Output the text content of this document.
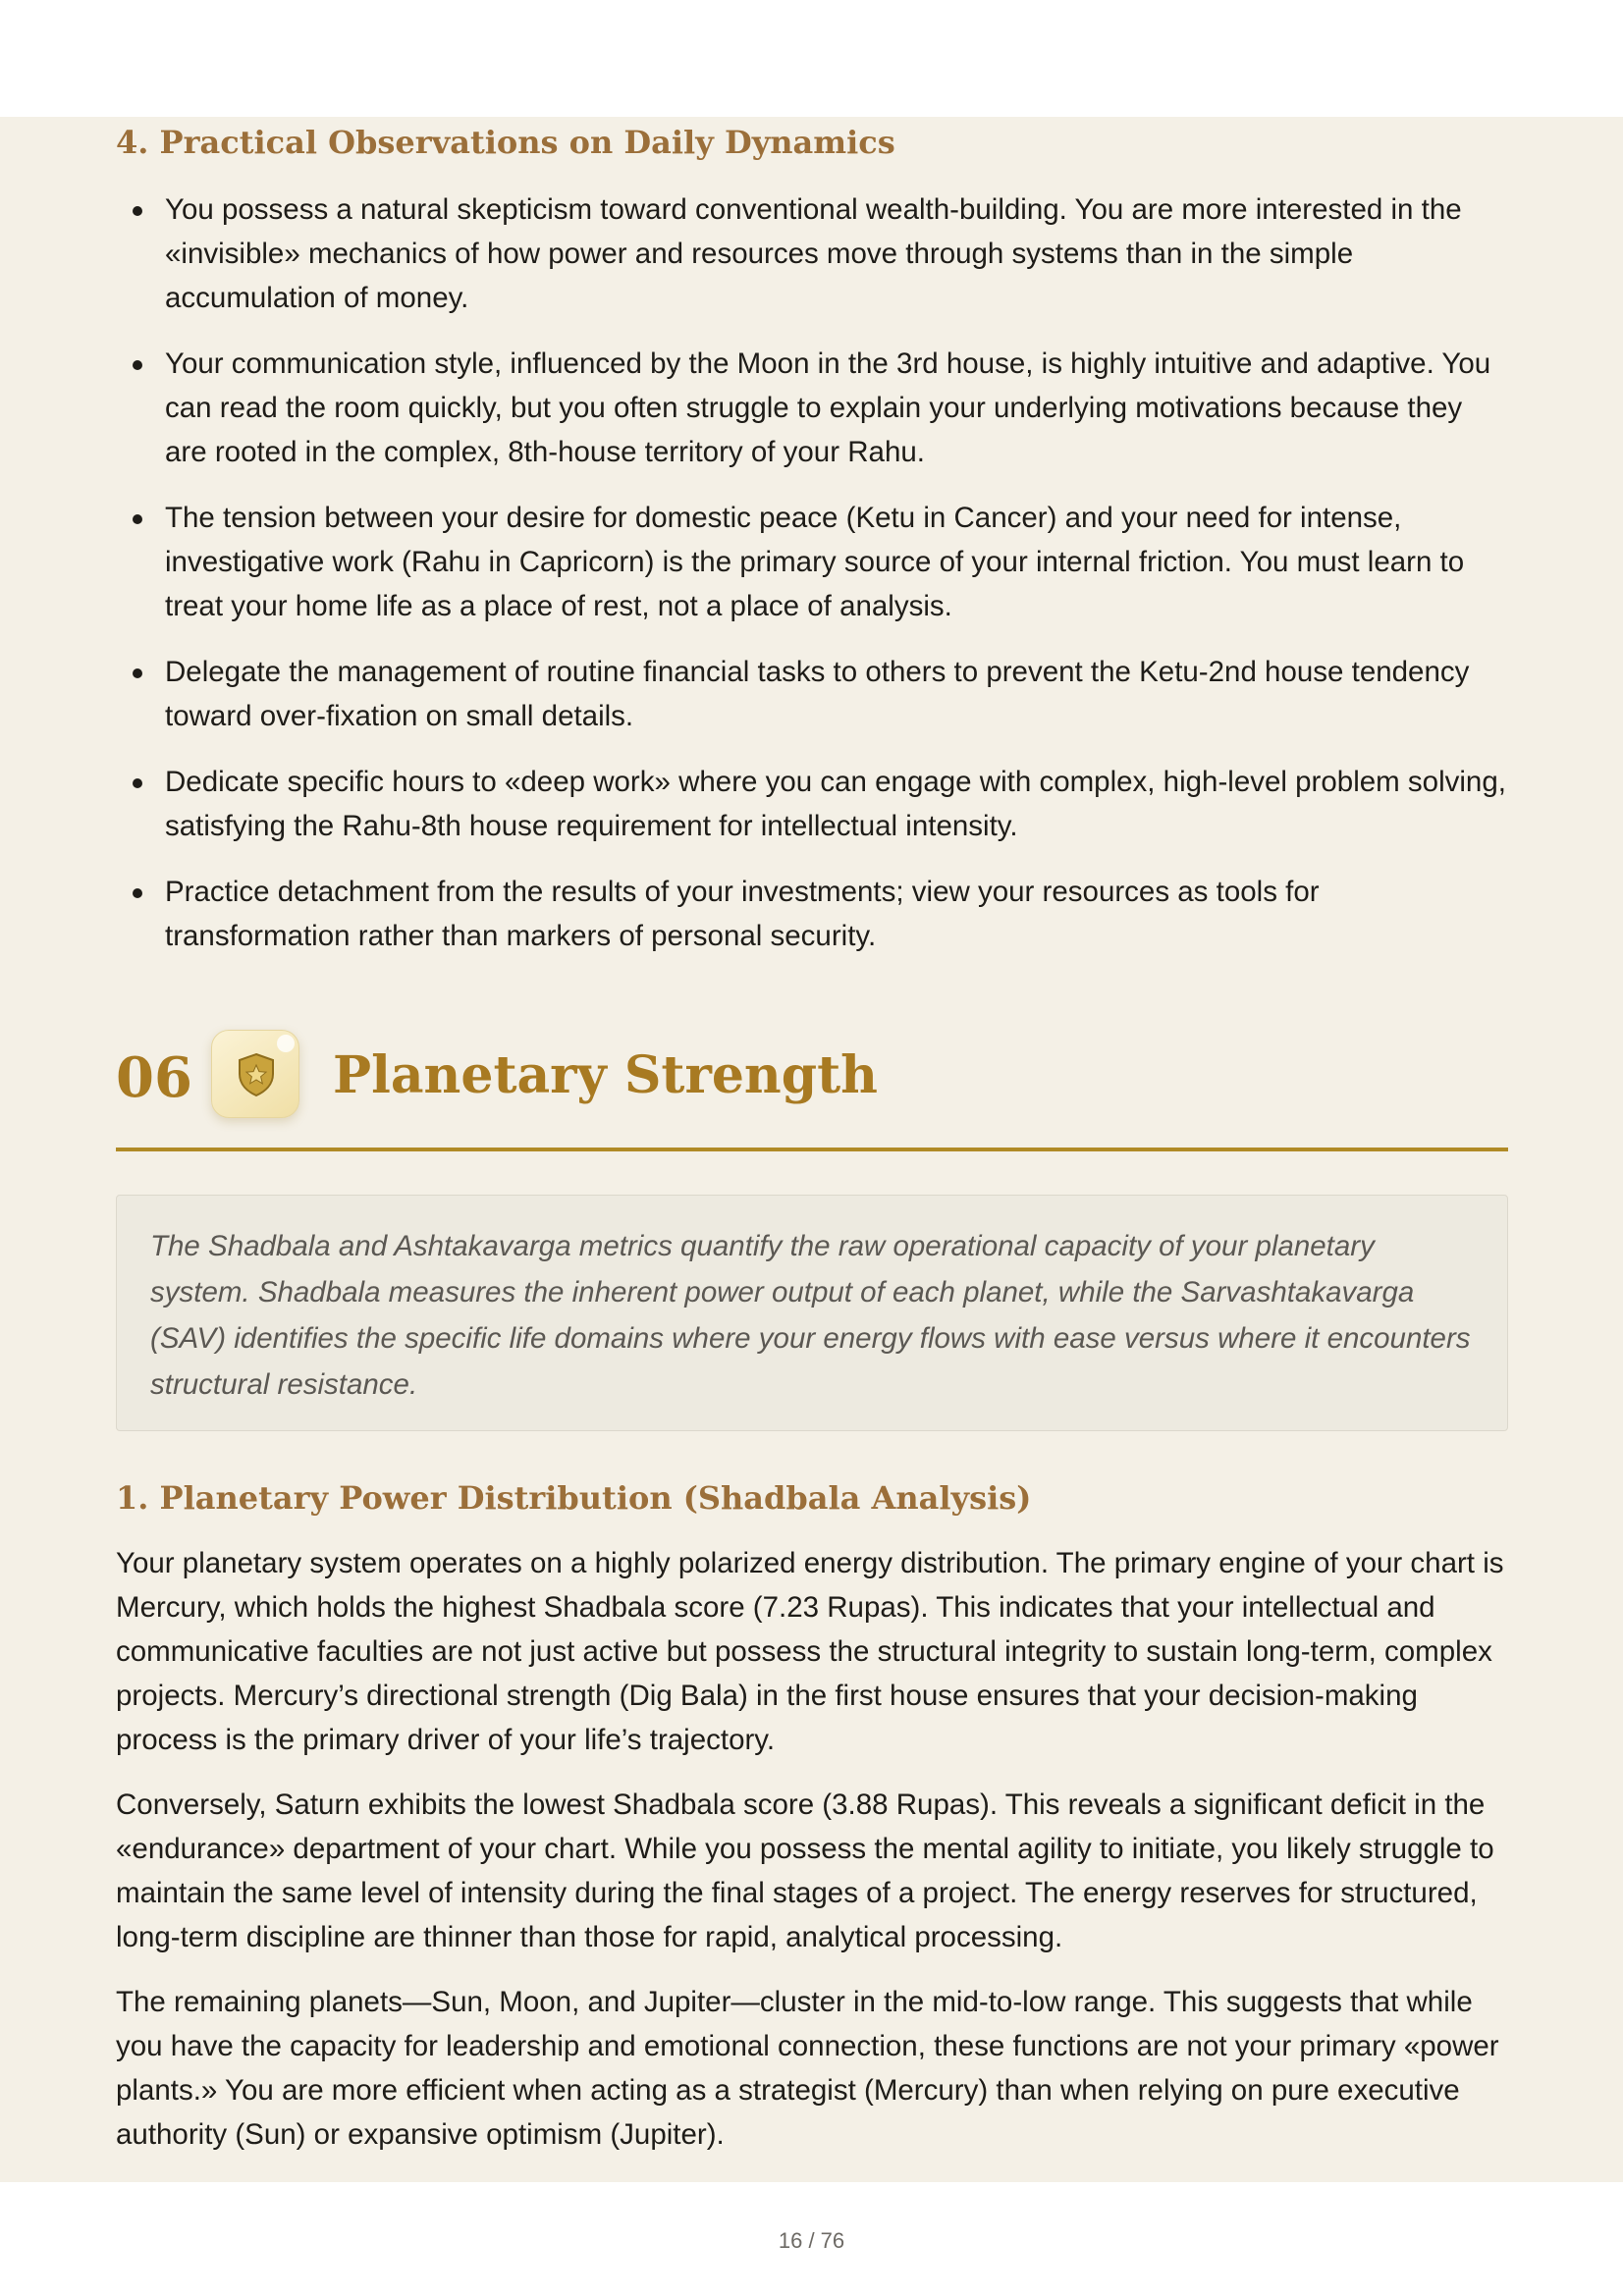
4. Practical Observations on Daily Dynamics
You possess a natural skepticism toward conventional wealth-building. You are more interested in the «invisible» mechanics of how power and resources move through systems than in the simple accumulation of money.
Your communication style, influenced by the Moon in the 3rd house, is highly intuitive and adaptive. You can read the room quickly, but you often struggle to explain your underlying motivations because they are rooted in the complex, 8th-house territory of your Rahu.
The tension between your desire for domestic peace (Ketu in Cancer) and your need for intense, investigative work (Rahu in Capricorn) is the primary source of your internal friction. You must learn to treat your home life as a place of rest, not a place of analysis.
Delegate the management of routine financial tasks to others to prevent the Ketu-2nd house tendency toward over-fixation on small details.
Dedicate specific hours to «deep work» where you can engage with complex, high-level problem solving, satisfying the Rahu-8th house requirement for intellectual intensity.
Practice detachment from the results of your investments; view your resources as tools for transformation rather than markers of personal security.
06	Planetary Strength

The Shadbala and Ashtakavarga metrics quantify the raw operational capacity of your planetary system. Shadbala measures the inherent power output of each planet, while the Sarvashtakavarga (SAV) identifies the specific life domains where your energy flows with ease versus where it encounters structural resistance.

1. Planetary Power Distribution (Shadbala Analysis)

Your planetary system operates on a highly polarized energy distribution. The primary engine of your chart is Mercury, which holds the highest Shadbala score (7.23 Rupas). This indicates that your intellectual and communicative faculties are not just active but possess the structural integrity to sustain long-term, complex projects. Mercury’s directional strength (Dig Bala) in the first house ensures that your decision-making process is the primary driver of your life’s trajectory.

Conversely, Saturn exhibits the lowest Shadbala score (3.88 Rupas). This reveals a significant deficit in the «endurance» department of your chart. While you possess the mental agility to initiate, you likely struggle to maintain the same level of intensity during the final stages of a project. The energy reserves for structured, long-term discipline are thinner than those for rapid, analytical processing.

The remaining planets—Sun, Moon, and Jupiter—cluster in the mid-to-low range. This suggests that while you have the capacity for leadership and emotional connection, these functions are not your primary «power plants.» You are more efficient when acting as a strategist (Mercury) than when relying on pure executive authority (Sun) or expansive optimism (Jupiter).

16 / 76
